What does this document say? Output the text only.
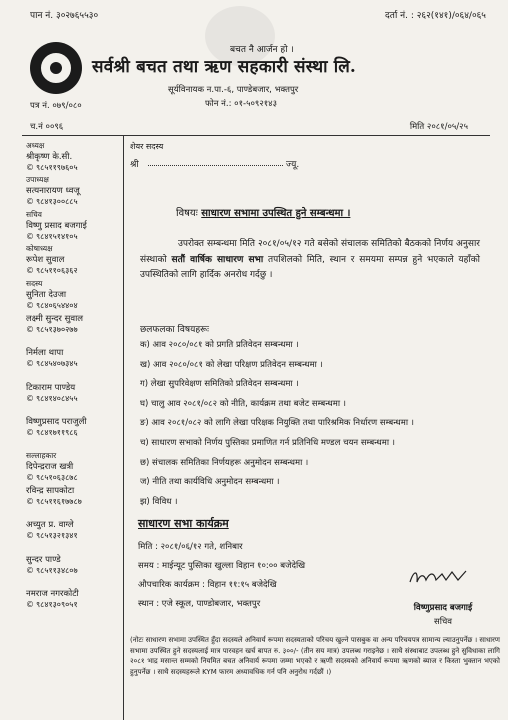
पान नं. ३०२७६५५३०	दर्ता नं. : २६२(१४१)/०६४/०६५
बचत नै आर्जन हो ।
सर्वश्री बचत तथा ऋण सहकारी संस्था लि.
सूर्यविनायक न.पा.-६, पाण्डेबजार, भक्तपुर
फोन नं.: ०१-५०९२१४३
पत्र नं. ०७९/०८०
च.नं ००९६	मिति २०८१/०५/२५
अध्यक्ष
श्रीकृष्ण के.सी.
© ९८५११९७६०५
उपाध्यक्ष
सत्यनारायण ध्वजू
© ९८४१३००८८५
सचिव
विष्णु प्रसाद बजगाई
© ९८४१५१४१०५
कोषाध्यक्ष
रूपेश सुवाल
© ९८५११०६३६२
सदस्य
सुनिता देउजा
© ९८४०६५४४०४
लक्ष्मी सुन्दर सुवाल
© ९८५१३७०२७७
निर्मला थापा
© ९८४५४०७३४५
टिकाराम पाण्डेय
© ९८४१४०८४५५
विष्णुप्रसाद पराजुली
© ९८४१७११९८६
सल्लाहकार
दिपेन्द्रराज खत्री
© ९८५१०६३८७८
रविन्द्र सापकोटा
© ९८५११६१७७८७
अच्युत प्र. वाग्ले
© ९८५१३२१३४१
सुन्दर पाण्डे
© ९८५११३४८०७
नमराज नगरकोटी
© ९८४१३०९०५१
शेयर सदस्य
श्री	ज्यू.
विषयः साधारण सभामा उपस्थित हुने सम्बन्धमा ।
उपरोक्त सम्बन्धमा मिति २०८१/०५/१२ गते बसेको संचालक समितिको बैठकको निर्णय अनुसार संस्थाको सतौं वार्षिक साधारण सभा तपशिलको मिति, स्थान र समयमा सम्पन्न हुने भएकाले यहाँको उपस्थितिको लागि हार्दिक अनरोध गर्दछु ।
छलफलका विषयहरूः
क) आव २०८०/०८१ को प्रगति प्रतिवेदन सम्बन्धमा ।
ख) आव २०८०/०८१ को लेखा परिक्षण प्रतिवेदन सम्बन्धमा ।
ग) लेखा सुपरिवेक्षण समितिको प्रतिवेदन सम्बन्धमा ।
घ) चालु आव २०८१/०८२ को नीति, कार्यक्रम तथा बजेट सम्बन्धमा ।
ङ) आव २०८१/०८२ को लागि लेखा परिक्षक नियुक्ति तथा पारिश्रमिक निर्धारण सम्बन्धमा ।
च) साधारण सभाको निर्णय पुस्तिका प्रमाणित गर्न प्रतिनिधि मण्डल चयन सम्बन्धमा ।
छ) संचालक समितिका निर्णयहरू अनुमोदन सम्बन्धमा ।
ज) नीति तथा कार्यविधि अनुमोदन सम्बन्धमा ।
झ) विविध ।
साधारण सभा कार्यक्रम
मिति : २०८१/०६/१२ गते, शनिबार
समय : माईन्यूट पुस्तिका खुल्ला विहान १०:०० बजेदेखि
औपचारिक कार्यक्रम : विहान ११:१५ बजेदेखि
स्थान : एजे स्कूल, पाण्डोबजार, भक्तपुर	विष्णुप्रसाद बजगाई
सचिव
(नोटः साधारण सभामा उपस्थित हुँदा सदस्यले अनिवार्य रूपमा सदस्यताको परिचय खुल्ने पासबुक वा अन्य परिचयपत्र सामान्य ल्याउनुपर्नेछ । साधारण सभामा उपस्थित हुने सदस्यलाई मात्र पारवहन खर्च बापत रु. ३००/- (तीन सय मात्र) उपलब्ध गराइनेछ । साथै संस्थाबाट उपलब्ध हुने सुविधाका लागि २०८१ भाद्र मसान्त सम्मको नियमित बचत अनिवार्य रूपमा जम्मा भएको र ऋणी सदस्यको अनिवार्य रूपमा ऋणको ब्याज र किस्ता भुक्तान भएको हुनुपर्नेछ । साथै सदस्यहरूले KYM फारम अध्यावधिक गर्न पनि अनुरोध गर्दछौं ।)
